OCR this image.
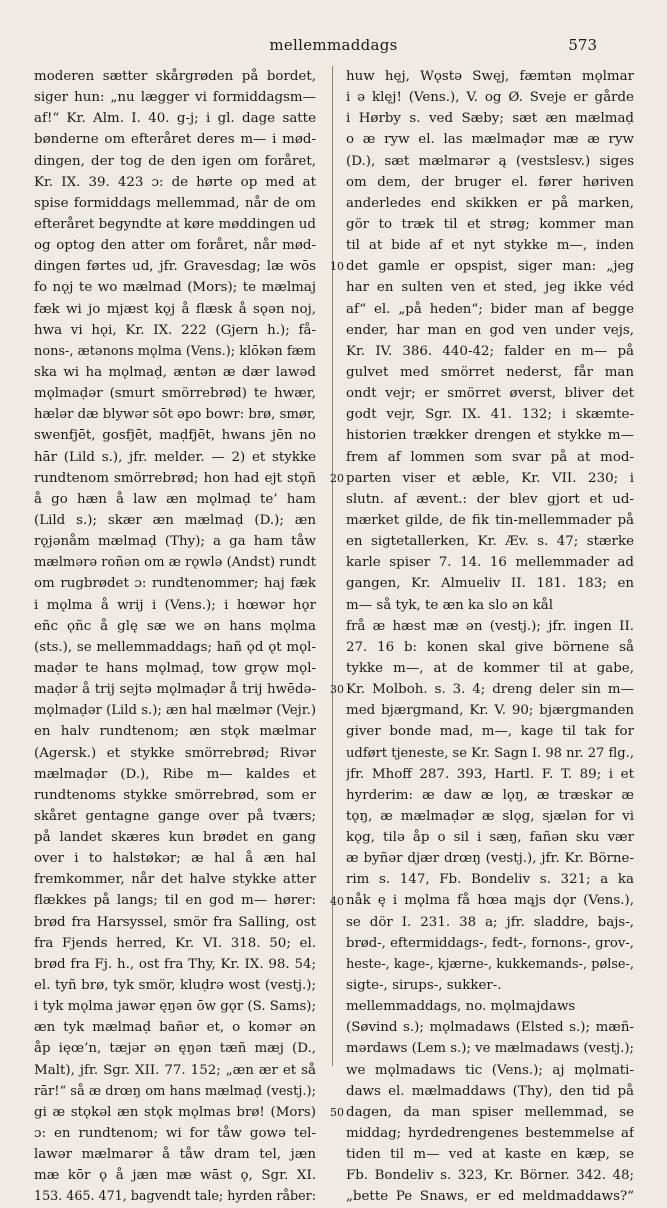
mellemmaddags	573
moderen sætter skårgrøden på bordet,
siger hun: „nu lægger vi formiddagsm—
af!“ Kr. Alm. I. 40. g-j; i gl. dage satte
bønderne om efteråret deres m— i mød-
dingen, der tog de den igen om foråret,
Kr. IX. 39. 423 ɔ: de hørte op med at
spise formiddags mellemmad, når de om
efteråret begyndte at køre møddingen ud
og optog den atter om foråret, når mød-
dingen førtes ud, jfr. Gravesdag; læ wōs
fo nǫj te wo mælmad (Mors); te mælmaj
fæk wi jo mjæst kǫj å flæsk å sǫən noj,
hwa vi hǫi, Kr. IX. 222 (Gjern h.); få-
nons-, ætənons mǫlma (Vens.); klōkən fæm
ska wi ha mǫlmaḍ, æntən æ dær lawəd
mǫlmaḍər (smurt smörrebrød) te hwær,
hælər dæ blywər sōt əpo bowr: brø, smør,
swenfjēt, gosfjēt, maḍfjēt, hwans jēn no
hār (Lild s.), jfr. melder. — 2) et stykke
rundtenom smörrebrød; hon had ejt stǫñ
å go hæn å law æn mǫlmaḍ te’ ham
(Lild s.); skær æn mælmaḍ (D.); æn
rǫjənåm mælmaḍ (Thy); a ga ham tåw
mælmərə roñən om æ rǫwlə (Andst) rundt
om rugbrødet ɔ: rundtenommer; haj fæk
i mǫlma å wrij i (Vens.); i hœwər hǫr
eñc ǫñc å glę sæ we ən hans mǫlma
(sts.), se mellemmaddags; hañ ǫd ǫt mǫl-
maḍər te hans mǫlmaḍ, tow grǫw mǫl-
maḍər å trij sejtə mǫlmaḍər å trij hwēdə-
mǫlmaḍər (Lild s.); æn hal mælmər (Vejr.)
en halv rundtenom; æn stǫk mælmar
(Agersk.) et stykke smörrebrød; Rivər
mælmaḍər (D.), Ribe m— kaldes et
rundtenoms stykke smörrebrød, som er
skåret gentagne gange over på tværs;
på landet skæres kun brødet en gang
over i to halstøkər; æ hal å æn hal
fremkommer, når det halve stykke atter
flækkes på langs; til en god m— hører:
brød fra Harsyssel, smör fra Salling, ost
fra Fjends herred, Kr. VI. 318. 50; el.
brød fra Fj. h., ost fra Thy, Kr. IX. 98. 54;
el. tyñ brø, tyk smör, kluḍrə wost (vestj.);
i tyk mǫlma jawər ęŋən ōw gǫr (S. Sams);
æn tyk mælmaḍ bañər et, o komər ən
åp ięœ’n, tæjər ən ęŋən tæñ mæj (D.,
Malt), jfr. Sgr. XII. 77. 152; „æn ær et så
rār!“ så æ drœŋ om hans mælmaḍ (vestj.);
gi æ stǫkəl æn stǫk mǫlmas brø! (Mors)
ɔ: en rundtenom; wi for tåw gowə tel-
lawər mælmarər å tåw dram tel, jæn
mæ kōr ǫ å jæn mæ wāst ǫ, Sgr. XI.
153. 465. 471, bagvendt tale; hyrden råber:
huw hęj, Wǫstə Swęj, fæmtən mǫlmar
i ə klęj! (Vens.), V. og Ø. Sveje er gårde
i Hørby s. ved Sæby; sæt æn mælmaḍ
o æ ryw el. las mælmaḍər mæ æ ryw
(D.), sæt mælmarər ą (vestslesv.) siges
om dem, der bruger el. fører høriven
anderledes end skikken er på marken,
gör to træk til et strøg; kommer man
til at bide af et nyt stykke m—, inden
det gamle er opspist, siger man: „jeg
har en sulten ven et sted, jeg ikke véd
af“ el. „på heden“; bider man af begge
ender, har man en god ven under vejs,
Kr. IV. 386. 440-42; falder en m— på
gulvet med smörret nederst, får man
ondt vejr; er smörret øverst, bliver det
godt vejr, Sgr. IX. 41. 132; i skæmte-
historien trækker drengen et stykke m—
frem af lommen som svar på at mod-
parten viser et æble, Kr. VII. 230; i
slutn. af ævent.: der blev gjort et ud-
mærket gilde, de fik tin-mellemmader på
en sigtetallerken, Kr. Æv. s. 47; stærke
karle spiser 7. 14. 16 mellemmader ad
gangen, Kr. Almueliv II. 181. 183; en
m— så tyk, te æn ka slo ən kål
frå æ hæst mæ ən (vestj.); jfr. ingen II.
27. 16 b: konen skal give börnene så
tykke m—, at de kommer til at gabe,
Kr. Molboh. s. 3. 4; dreng deler sin m—
med bjærgmand, Kr. V. 90; bjærgmanden
giver bonde mad, m—, kage til tak for
udført tjeneste, se Kr. Sagn I. 98 nr. 27 flg.,
jfr. Mhoff 287. 393, Hartl. F. T. 89; i et
hyrderim: æ daw æ lǫŋ, æ træskər æ
tǫŋ, æ mælmaḍər æ slǫg, sjælən for vi
kǫg, tilə åp o sil i sæŋ, fañən sku vær
æ byñər djær drœŋ (vestj.), jfr. Kr. Börne-
rim s. 147, Fb. Bondeliv s. 321; a ka
nåk ę i mǫlma få hœa mąjs dǫr (Vens.),
se dör I. 231. 38 a; jfr. sladdre, bajs-,
brød-, eftermiddags-, fedt-, fornons-, grov-,
heste-, kage-, kjærne-, kukkemands-, pølse-,
sigte-, sirups-, sukker-.
mellemmaddags, no. mǫlmajdaws
(Søvind s.); mǫlmadaws (Elsted s.); mæñ-
mərdaws (Lem s.); ve mælmadaws (vestj.);
we mǫlmadaws tic (Vens.); aj mǫlmati-
daws el. mælmaddaws (Thy), den tid på
dagen, da man spiser mellemmad, se
middag; hyrdedrengenes bestemmelse af
tiden til m— ved at kaste en kæp, se
Fb. Bondeliv s. 323, Kr. Börner. 342. 48;
„bette Pe Snaws, er ed meldmaddaws?“
10
20
30
40
50
